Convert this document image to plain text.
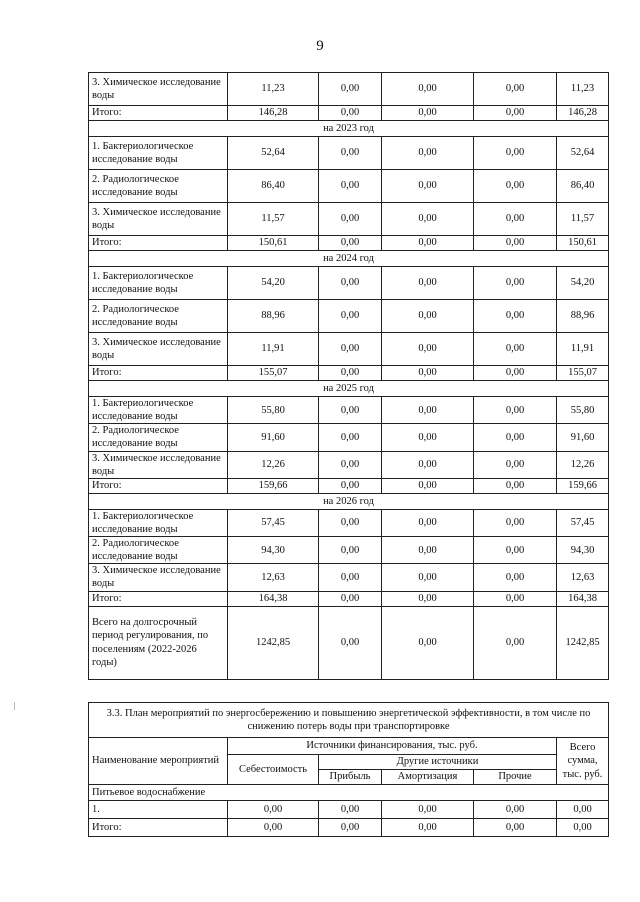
9
3. Химическое исследование воды	11,23	0,00	0,00	0,00	11,23
Итого:	146,28	0,00	0,00	0,00	146,28
на 2023 год					
1. Бактериологическое исследование воды	52,64	0,00	0,00	0,00	52,64
2. Радиологическое исследование воды	86,40	0,00	0,00	0,00	86,40
3. Химическое исследование воды	11,57	0,00	0,00	0,00	11,57
Итого:	150,61	0,00	0,00	0,00	150,61
на 2024 год					
1. Бактериологическое исследование воды	54,20	0,00	0,00	0,00	54,20
2. Радиологическое исследование воды	88,96	0,00	0,00	0,00	88,96
3. Химическое исследование воды	11,91	0,00	0,00	0,00	11,91
Итого:	155,07	0,00	0,00	0,00	155,07
на 2025 год					
1. Бактериологическое исследование воды	55,80	0,00	0,00	0,00	55,80
2. Радиологическое исследование воды	91,60	0,00	0,00	0,00	91,60
3. Химическое исследование воды	12,26	0,00	0,00	0,00	12,26
Итого:	159,66	0,00	0,00	0,00	159,66
на 2026 год					
1. Бактериологическое исследование воды	57,45	0,00	0,00	0,00	57,45
2. Радиологическое исследование воды	94,30	0,00	0,00	0,00	94,30
3. Химическое исследование воды	12,63	0,00	0,00	0,00	12,63
Итого:	164,38	0,00	0,00	0,00	164,38
Всего на долгосрочный период регулирования, по поселениям (2022-2026 годы)	1242,85	0,00	0,00	0,00	1242,85
3.3. План мероприятий по энергосбережению и повышению энергетической эффективности, в том числе по снижению потерь воды при транспортировке					
Наименование мероприятий	Источники финансирования, тыс. руб.				Всего сумма, тыс. руб.
	Себестоимость	Другие источники			
		Прибыль	Амортизация	Прочие	
Питьевое водоснабжение					
1.	0,00	0,00	0,00	0,00	0,00
Итого:	0,00	0,00	0,00	0,00	0,00
